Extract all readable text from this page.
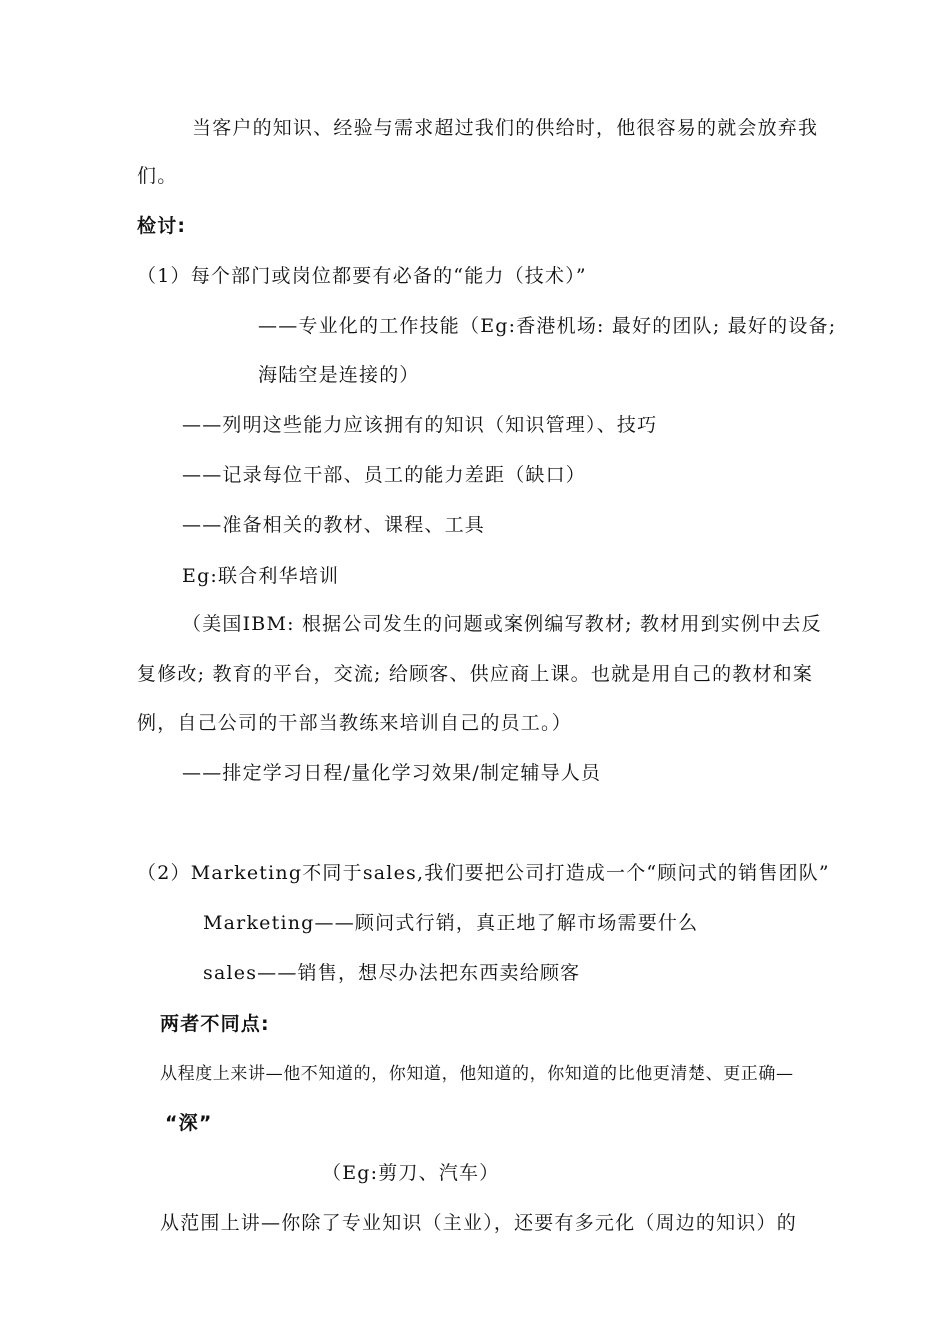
当客户的知识、经验与需求超过我们的供给时，他很容易的就会放弃我
们。
检讨:
（1）每个部门或岗位都要有必备的“能力（技术）”
——专业化的工作技能（Eg:香港机场: 最好的团队; 最好的设备;
海陆空是连接的）
——列明这些能力应该拥有的知识（知识管理）、技巧
——记录每位干部、员工的能力差距（缺口）
——准备相关的教材、课程、工具
Eg:联合利华培训
（美国IBM: 根据公司发生的问题或案例编写教材; 教材用到实例中去反
复修改; 教育的平台，交流; 给顾客、供应商上课。也就是用自己的教材和案
例，自己公司的干部当教练来培训自己的员工。）
——排定学习日程/量化学习效果/制定辅导人员
（2）Marketing不同于sales,我们要把公司打造成一个“顾问式的销售团队”
Marketing——顾问式行销，真正地了解市场需要什么
sales——销售，想尽办法把东西卖给顾客
两者不同点:
从程度上来讲—他不知道的，你知道，他知道的，你知道的比他更清楚、更正确—
“深”
（Eg:剪刀、汽车）
从范围上讲—你除了专业知识（主业），还要有多元化（周边的知识）的
